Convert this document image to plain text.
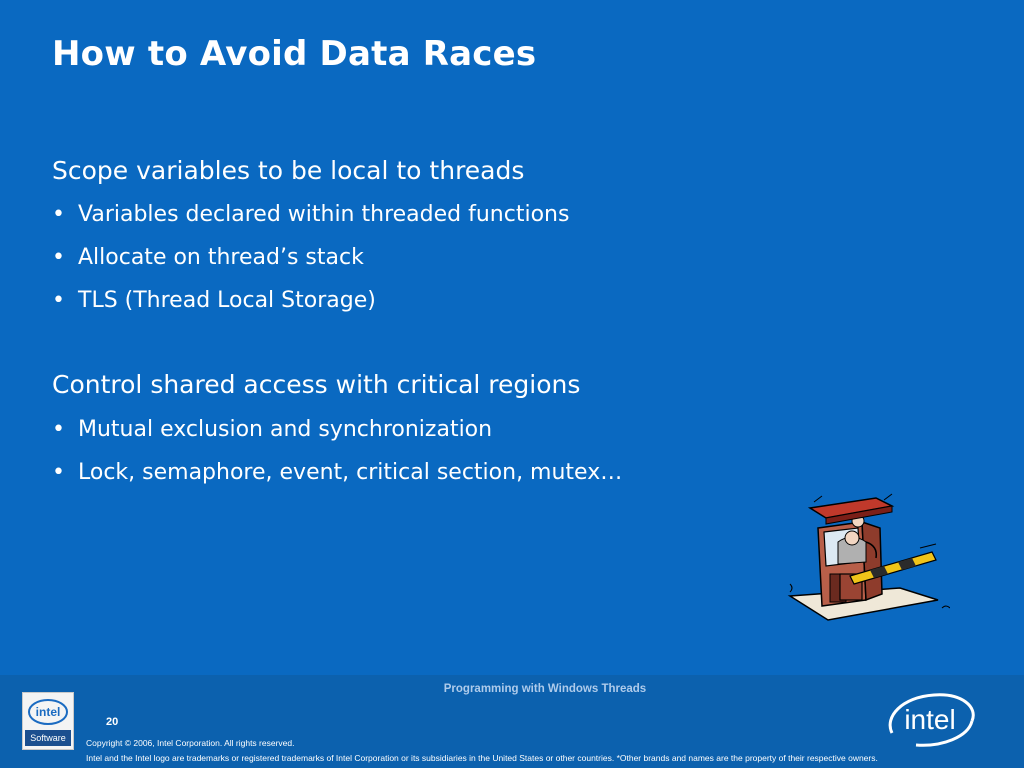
How to Avoid Data Races
Scope variables to be local to threads
• Variables declared within threaded functions
• Allocate on thread’s stack
• TLS (Thread Local Storage)
Control shared access with critical regions
• Mutual exclusion and synchronization
• Lock, semaphore, event, critical section, mutex…
Programming with Windows Threads
intel
Software
20
Copyright © 2006, Intel Corporation. All rights reserved.
Intel and the Intel logo are trademarks or registered trademarks of Intel Corporation or its subsidiaries in the United States or other countries. *Other brands and names are the property of their respective owners.
intel
